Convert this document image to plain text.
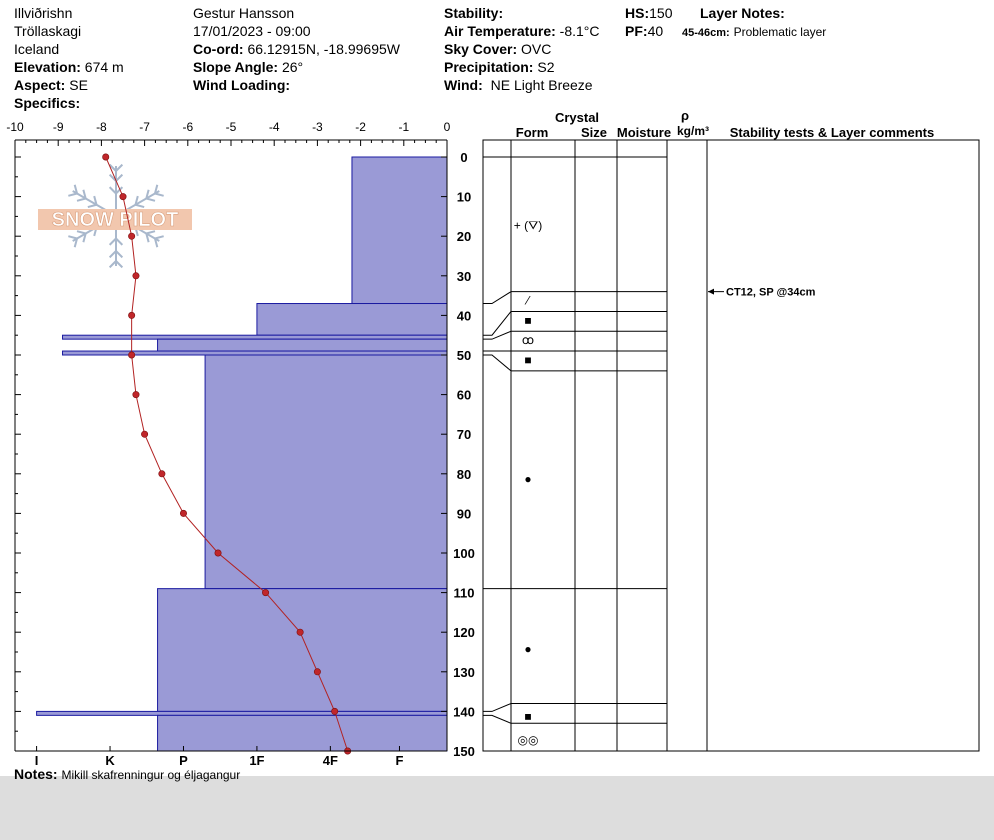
Illviðrishn
Tröllaskagi
Iceland
Elevation: 674 m
Aspect: SE
Specifics:
Gestur Hansson
17/01/2023 - 09:00
Co-ord: 66.12915N, -18.99695W
Slope Angle: 26°
Wind Loading:
Stability:
Air Temperature: -8.1°C
Sky Cover: OVC
Precipitation: S2
Wind: NE Light Breeze
HS:150
PF:40
Layer Notes:
45-46cm: Problematic layer
Notes: Mikill skafrenningur og éljagangur
SNOW PILOT
-10 -9	-8	-7	-6	-5	-4	-3	-2	-1	0
0
10
20
30
40
50
60
70
80
90
100
110
120
130
140
150
I	K	P	1F	4F	F
Crystal
Form	Size Moisture
ρ
kg/m³ Stability tests & Layer comments
+ (⛛)
⁄
■
ꝏ
■
●
●
■
◎◎
CT12, SP @34cm
